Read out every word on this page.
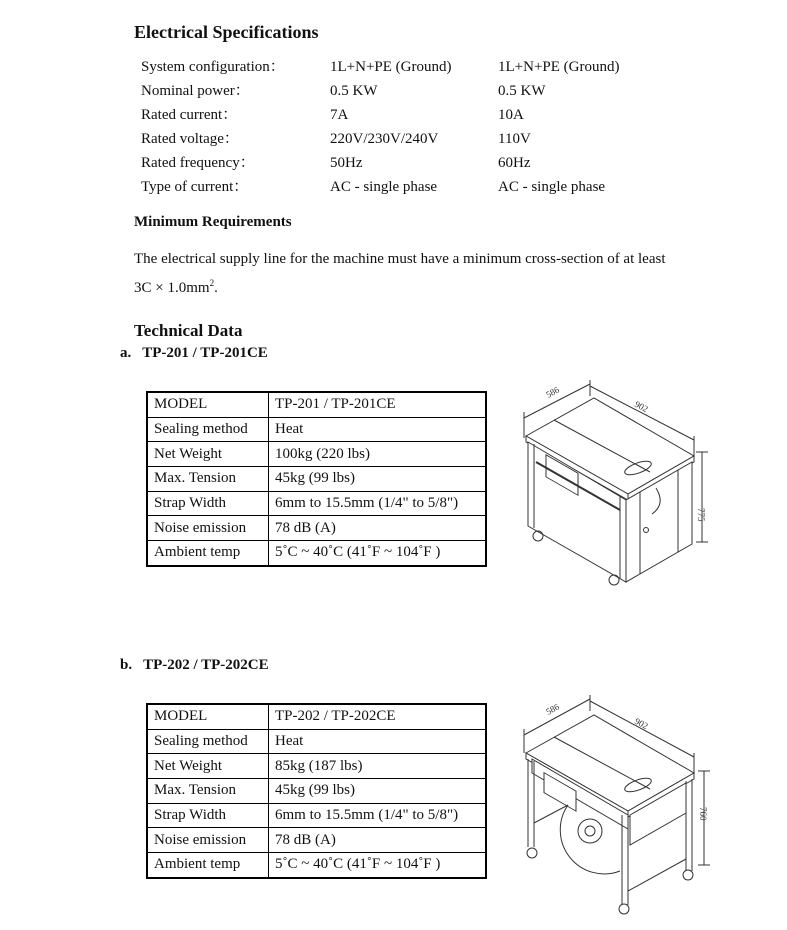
Electrical Specifications
System configuration：	1L+N+PE (Ground)	1L+N+PE (Ground)
Nominal power：	0.5 KW	0.5 KW
Rated current：	7A	10A
Rated voltage：	220V/230V/240V	110V
Rated frequency：	50Hz	60Hz
Type of current：	AC - single phase	AC - single phase
Minimum Requirements
The electrical supply line for the machine must have a minimum cross-section of at least
$3C \times 1.0mm^2$.
Technical Data
a.   TP-201 / TP-201CE
MODEL	TP-201 / TP-201CE
Sealing method	Heat
Net Weight	100kg (220 lbs)
Max. Tension	45kg (99 lbs)
Strap Width	6mm to 15.5mm (1/4" to 5/8")
Noise emission	78 dB (A)
Ambient temp	5˚C ~ 40˚C (41˚F ~ 104˚F )
586
902
775
b.   TP-202 / TP-202CE
MODEL	TP-202 / TP-202CE
Sealing method	Heat
Net Weight	85kg (187 lbs)
Max. Tension	45kg (99 lbs)
Strap Width	6mm to 15.5mm (1/4" to 5/8")
Noise emission	78 dB (A)
Ambient temp	5˚C ~ 40˚C (41˚F ~ 104˚F )
586
902
760
